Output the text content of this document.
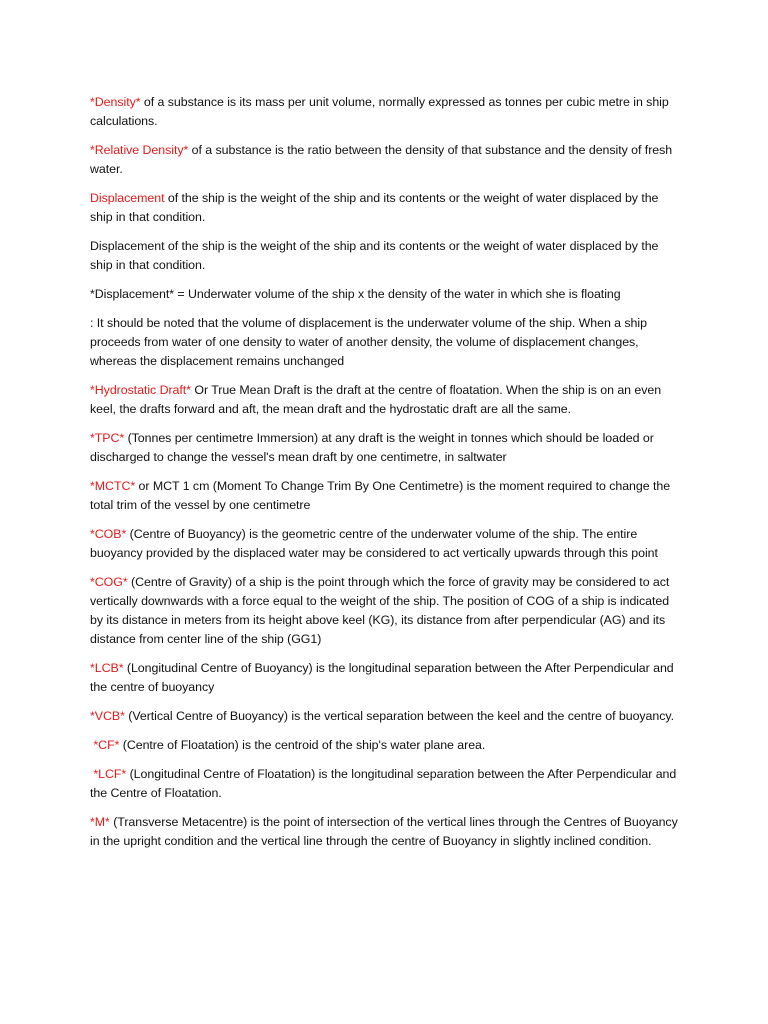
*Density* of a substance is its mass per unit volume, normally expressed as tonnes per cubic metre in ship calculations.

*Relative Density* of a substance is the ratio between the density of that substance and the density of fresh water.

Displacement of the ship is the weight of the ship and its contents or the weight of water displaced by the ship in that condition.

Displacement of the ship is the weight of the ship and its contents or the weight of water displaced by the ship in that condition.

*Displacement* = Underwater volume of the ship x the density of the water in which she is floating

: It should be noted that the volume of displacement is the underwater volume of the ship. When a ship proceeds from water of one density to water of another density, the volume of displacement changes, whereas the displacement remains unchanged

*Hydrostatic Draft* Or True Mean Draft is the draft at the centre of floatation. When the ship is on an even keel, the drafts forward and aft, the mean draft and the hydrostatic draft are all the same.

*TPC* (Tonnes per centimetre Immersion) at any draft is the weight in tonnes which should be loaded or discharged to change the vessel's mean draft by one centimetre, in saltwater

*MCTC* or MCT 1 cm (Moment To Change Trim By One Centimetre) is the moment required to change the total trim of the vessel by one centimetre

*COB* (Centre of Buoyancy) is the geometric centre of the underwater volume of the ship. The entire buoyancy provided by the displaced water may be considered to act vertically upwards through this point

*COG* (Centre of Gravity) of a ship is the point through which the force of gravity may be considered to act vertically downwards with a force equal to the weight of the ship. The position of COG of a ship is indicated by its distance in meters from its height above keel (KG), its distance from after perpendicular (AG) and its distance from center line of the ship (GG1)

*LCB* (Longitudinal Centre of Buoyancy) is the longitudinal separation between the After Perpendicular and the centre of buoyancy

*VCB* (Vertical Centre of Buoyancy) is the vertical separation between the keel and the centre of buoyancy.

*CF* (Centre of Floatation) is the centroid of the ship's water plane area.

*LCF* (Longitudinal Centre of Floatation) is the longitudinal separation between the After Perpendicular and the Centre of Floatation.

*M* (Transverse Metacentre) is the point of intersection of the vertical lines through the Centres of Buoyancy in the upright condition and the vertical line through the centre of Buoyancy in slightly inclined condition.
